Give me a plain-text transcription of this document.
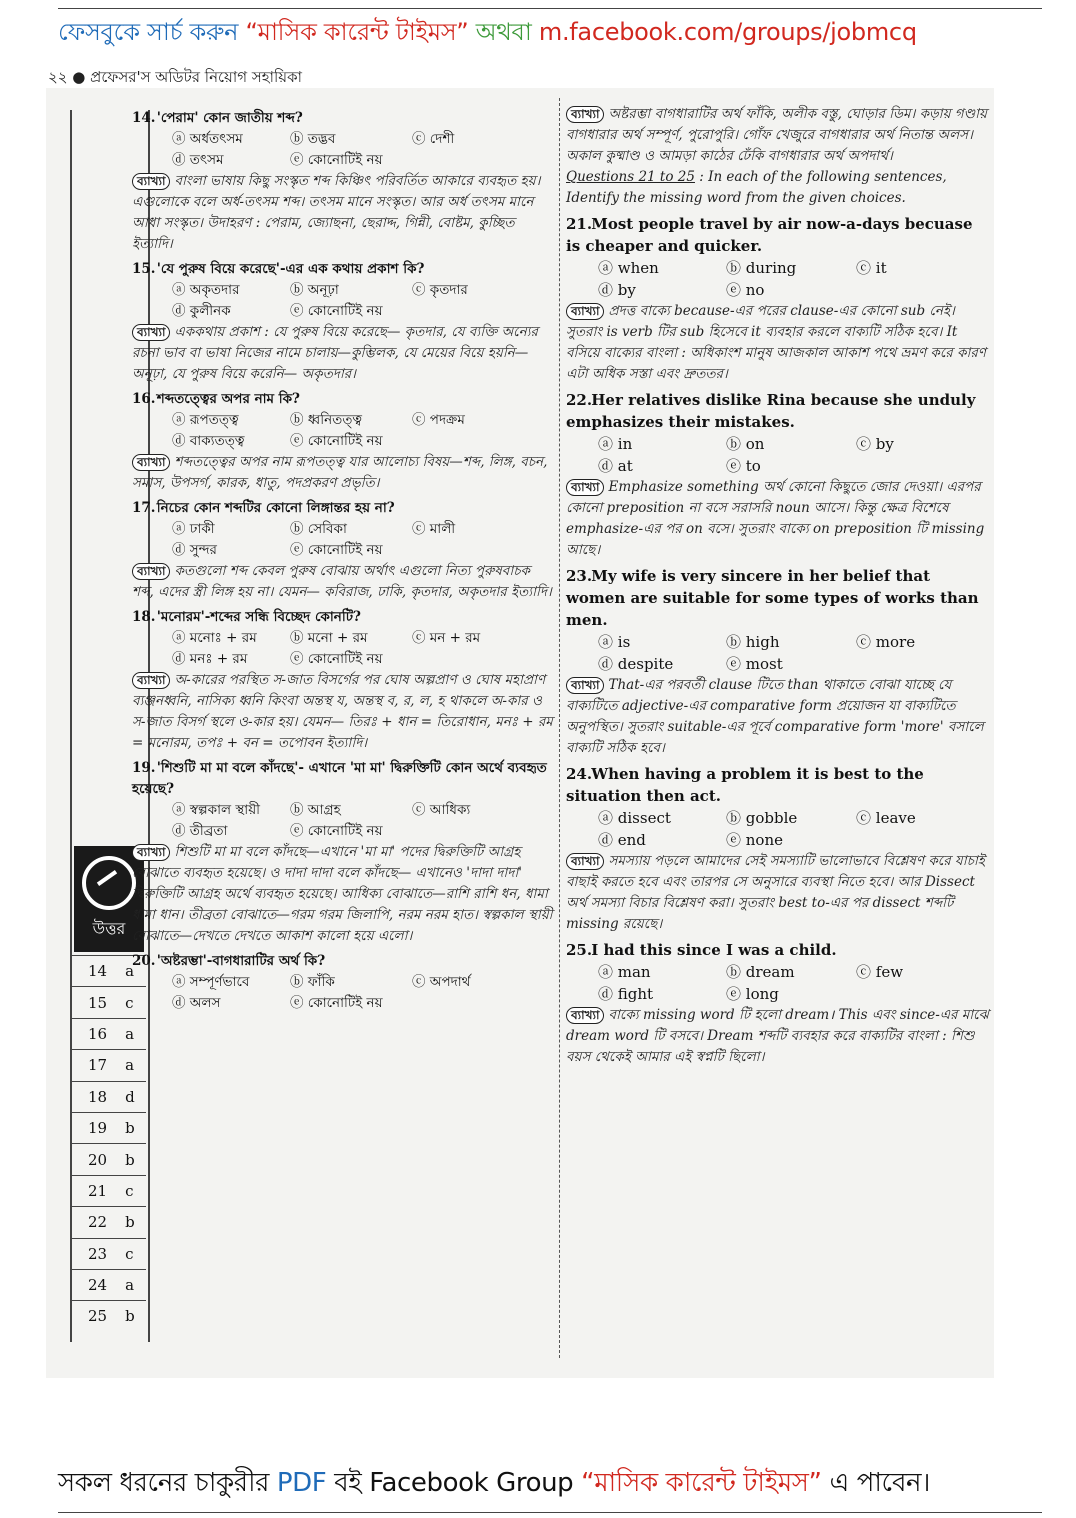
ফেসবুকে সার্চ করুন “মাসিক কারেন্ট টাইমস” অথবা m.facebook.com/groups/jobmcq
২২ ● প্রফেসর'স অডিটর নিয়োগ সহায়িকা
উত্তর
14 a
15 c
16 a
17 a
18 d
19 b
20 b
21 c
22 b
23 c
24 a
25 b
14. 'পেরাম' কোন জাতীয় শব্দ?
ⓐ অর্ধতৎসম	ⓑ তদ্ভব	ⓒ দেশী
ⓓ তৎসম	ⓔ কোনোটিই নয়
ব্যাখ্যা বাংলা ভাষায় কিছু সংস্কৃত শব্দ কিঞ্চিৎ পরিবর্তিত আকারে ব্যবহৃত হয়। এগুলোকে বলে অর্ধ-তৎসম শব্দ। তৎসম মানে সংস্কৃত। আর অর্ধ তৎসম মানে আধা সংস্কৃত। উদাহরণ : পেরাম, জ্যোছনা, ছেরাদ্দ, গিন্নী, বোষ্টম, কুচ্ছিত ইত্যাদি।
15. 'যে পুরুষ বিয়ে করেছে'-এর এক কথায় প্রকাশ কি?
ⓐ অকৃতদার	ⓑ অনূঢ়া	ⓒ কৃতদার
ⓓ কুলীনক	ⓔ কোনোটিই নয়
ব্যাখ্যা এককথায় প্রকাশ : যে পুরুষ বিয়ে করেছে— কৃতদার, যে ব্যক্তি অন্যের রচনা ভাব বা ভাষা নিজের নামে চালায়—কুম্ভিলক, যে মেয়ের বিয়ে হয়নি— অনূঢ়া, যে পুরুষ বিয়ে করেনি— অকৃতদার।
16. শব্দতত্ত্বের অপর নাম কি?
ⓐ রূপতত্ত্ব	ⓑ ধ্বনিতত্ত্ব	ⓒ পদক্রম
ⓓ বাক্যতত্ত্ব	ⓔ কোনোটিই নয়
ব্যাখ্যা শব্দতত্ত্বের অপর নাম রূপতত্ত্ব যার আলোচ্য বিষয়—শব্দ, লিঙ্গ, বচন, সমাস, উপসর্গ, কারক, ধাতু, পদপ্রকরণ প্রভৃতি।
17. নিচের কোন শব্দটির কোনো লিঙ্গান্তর হয় না?
ⓐ ঢাকী	ⓑ সেবিকা	ⓒ মালী
ⓓ সুন্দর	ⓔ কোনোটিই নয়
ব্যাখ্যা কতগুলো শব্দ কেবল পুরুষ বোঝায় অর্থাৎ এগুলো নিত্য পুরুষবাচক শব্দ, এদের স্ত্রী লিঙ্গ হয় না। যেমন— কবিরাজ, ঢাকি, কৃতদার, অকৃতদার ইত্যাদি।
18. 'মনোরম'-শব্দের সন্ধি বিচ্ছেদ কোনটি?
ⓐ মনোঃ + রম	ⓑ মনো + রম	ⓒ মন + রম
ⓓ মনঃ + রম	ⓔ কোনোটিই নয়
ব্যাখ্যা অ-কারের পরস্থিত স-জাত বিসর্গের পর ঘোষ অল্পপ্রাণ ও ঘোষ মহাপ্রাণ ব্যঞ্জনধ্বনি, নাসিক্য ধ্বনি কিংবা অন্তস্থ য, অন্তস্থ ব, র, ল, হ থাকলে অ-কার ও স-জাত বিসর্গ স্থলে ও-কার হয়। যেমন— তিরঃ + ধান = তিরোধান, মনঃ + রম = মনোরম, তপঃ + বন = তপোবন ইত্যাদি।
19. 'শিশুটি মা মা বলে কাঁদছে'- এখানে 'মা মা' দ্বিরুক্তিটি কোন অর্থে ব্যবহৃত হয়েছে?
ⓐ স্বল্পকাল স্থায়ী	ⓑ আগ্রহ	ⓒ আধিক্য
ⓓ তীব্রতা	ⓔ কোনোটিই নয়
ব্যাখ্যা শিশুটি মা মা বলে কাঁদছে—এখানে 'মা মা' পদের দ্বিরুক্তিটি আগ্রহ বোঝাতে ব্যবহৃত হয়েছে। ও দাদা দাদা বলে কাঁদছে— এখানেও 'দাদা দাদা' দ্বিরুক্তিটি আগ্রহ অর্থে ব্যবহৃত হয়েছে। আধিক্য বোঝাতে—রাশি রাশি ধন, ধামা ধামা ধান। তীব্রতা বোঝাতে—গরম গরম জিলাপি, নরম নরম হাত। স্বল্পকাল স্থায়ী বোঝাতে—দেখতে দেখতে আকাশ কালো হয়ে এলো।
20. 'অষ্টরম্ভা'-বাগধারাটির অর্থ কি?
ⓐ সম্পূর্ণভাবে	ⓑ ফাঁকি	ⓒ অপদার্থ
ⓓ অলস	ⓔ কোনোটিই নয়
ব্যাখ্যা অষ্টরম্ভা বাগধারাটির অর্থ ফাঁকি, অলীক বস্তু, ঘোড়ার ডিম। কড়ায় গণ্ডায় বাগধারার অর্থ সম্পূর্ণ, পুরোপুরি। গোঁফ খেজুরে বাগধারার অর্থ নিতান্ত অলস। অকাল কুষ্মাণ্ড ও আমড়া কাঠের ঢেঁকি বাগধারার অর্থ অপদার্থ।
Questions 21 to 25 : In each of the following sentences, Identify the missing word from the given choices.
21. Most people travel by air now-a-days becuase is cheaper and quicker.
ⓐ when	ⓑ during	ⓒ it
ⓓ by	ⓔ no
ব্যাখ্যা প্রদত্ত বাক্যে because-এর পরের clause-এর কোনো sub নেই। সুতরাং is verb টির sub হিসেবে it ব্যবহার করলে বাক্যটি সঠিক হবে। It বসিয়ে বাক্যের বাংলা : অধিকাংশ মানুষ আজকাল আকাশ পথে ভ্রমণ করে কারণ এটা অধিক সস্তা এবং দ্রুততর।
22. Her relatives dislike Rina because she unduly emphasizes their mistakes.
ⓐ in	ⓑ on	ⓒ by
ⓓ at	ⓔ to
ব্যাখ্যা Emphasize something অর্থ কোনো কিছুতে জোর দেওয়া। এরপর কোনো preposition না বসে সরাসরি noun আসে। কিন্তু ক্ষেত্র বিশেষে emphasize-এর পর on বসে। সুতরাং বাক্যে on preposition টি missing আছে।
23. My wife is very sincere in her belief that women are suitable for some types of works than men.
ⓐ is	ⓑ high	ⓒ more
ⓓ despite	ⓔ most
ব্যাখ্যা That-এর পরবর্তী clause টিতে than থাকাতে বোঝা যাচ্ছে যে বাক্যটিতে adjective-এর comparative form প্রয়োজন যা বাক্যটিতে অনুপস্থিত। সুতরাং suitable-এর পূর্বে comparative form 'more' বসালে বাক্যটি সঠিক হবে।
24. When having a problem it is best to the situation then act.
ⓐ dissect	ⓑ gobble	ⓒ leave
ⓓ end	ⓔ none
ব্যাখ্যা সমস্যায় পড়লে আমাদের সেই সমস্যাটি ভালোভাবে বিশ্লেষণ করে যাচাই বাছাই করতে হবে এবং তারপর সে অনুসারে ব্যবস্থা নিতে হবে। আর Dissect অর্থ সমস্যা বিচার বিশ্লেষণ করা। সুতরাং best to-এর পর dissect শব্দটি missing রয়েছে।
25. I had this since I was a child.
ⓐ man	ⓑ dream	ⓒ few
ⓓ fight	ⓔ long
ব্যাখ্যা বাক্যে missing word টি হলো dream। This এবং since-এর মাঝে dream word টি বসবে। Dream শব্দটি ব্যবহার করে বাক্যটির বাংলা : শিশু বয়স থেকেই আমার এই স্বপ্নটি ছিলো।
সকল ধরনের চাকুরীর PDF বই Facebook Group “মাসিক কারেন্ট টাইমস” এ পাবেন।
